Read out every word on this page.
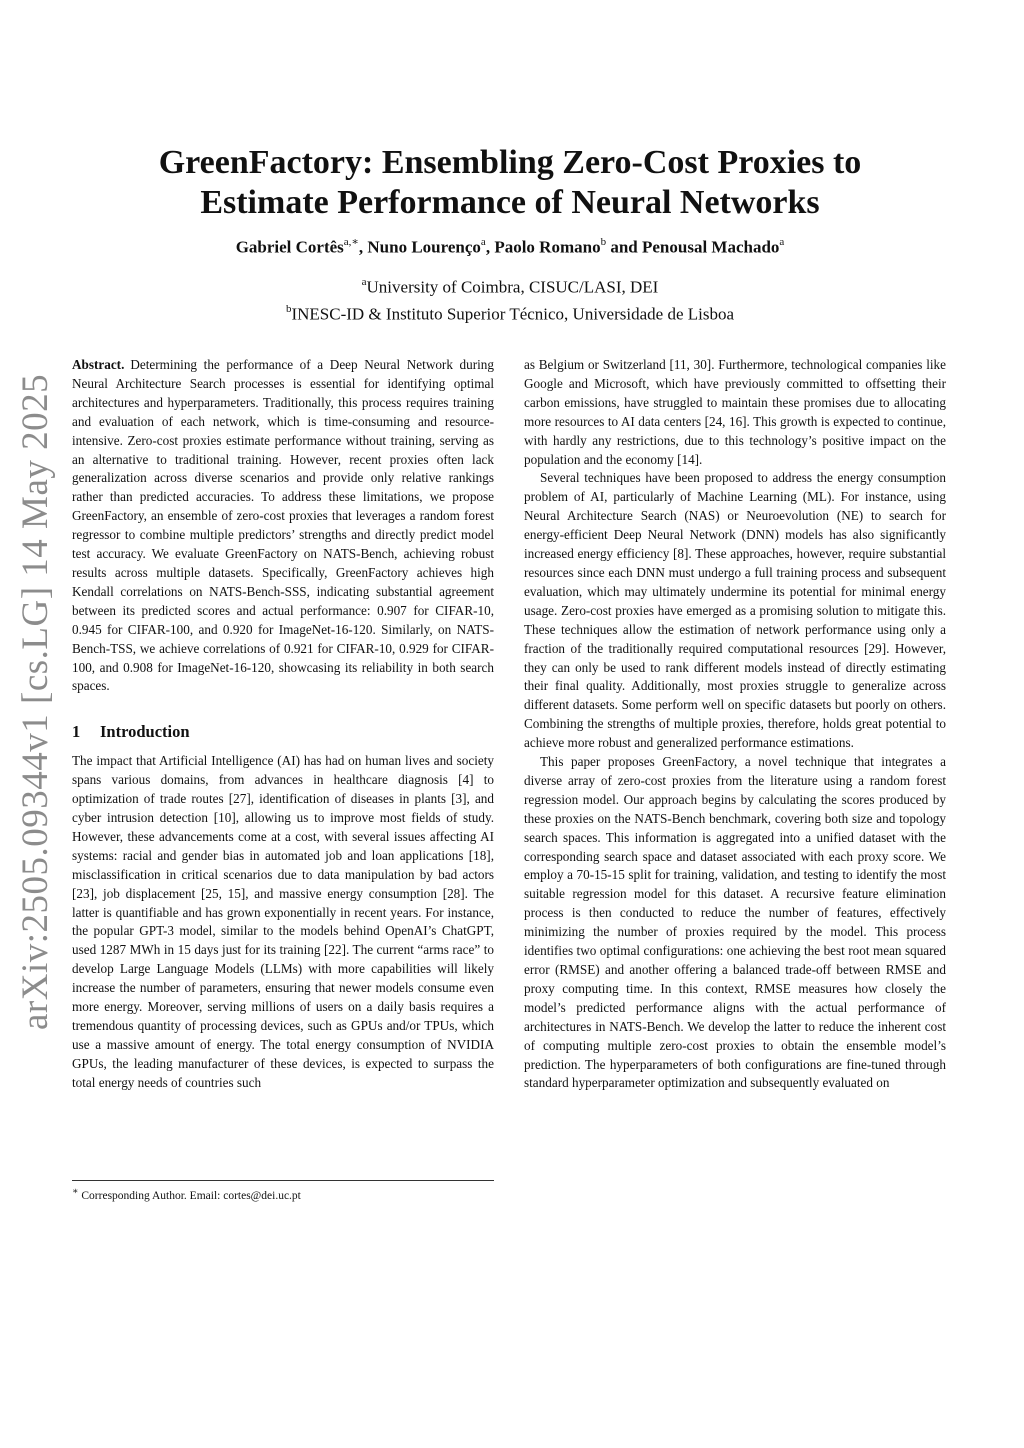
arXiv:2505.09344v1 [cs.LG] 14 May 2025
GreenFactory: Ensembling Zero-Cost Proxies to
Estimate Performance of Neural Networks
Gabriel Cortês$^{a,∗}$, Nuno Lourenço$^a$, Paolo Romano$^b$ and Penousal Machado$^a$
$^a$University of Coimbra, CISUC/LASI, DEI
$^b$INESC-ID & Instituto Superior Técnico, Universidade de Lisboa

Abstract. Determining the performance of a Deep Neural Network during Neural Architecture Search processes is essential for identifying optimal architectures and hyperparameters. Traditionally, this process requires training and evaluation of each network, which is time-consuming and resource-intensive. Zero-cost proxies estimate performance without training, serving as an alternative to traditional training. However, recent proxies often lack generalization across diverse scenarios and provide only relative rankings rather than predicted accuracies. To address these limitations, we propose GreenFactory, an ensemble of zero-cost proxies that leverages a random forest regressor to combine multiple predictors’ strengths and directly predict model test accuracy. We evaluate GreenFactory on NATS-Bench, achieving robust results across multiple datasets. Specifically, GreenFactory achieves high Kendall correlations on NATS-Bench-SSS, indicating substantial agreement between its predicted scores and actual performance: 0.907 for CIFAR-10, 0.945 for CIFAR-100, and 0.920 for ImageNet-16-120. Similarly, on NATS-Bench-TSS, we achieve correlations of 0.921 for CIFAR-10, 0.929 for CIFAR-100, and 0.908 for ImageNet-16-120, showcasing its reliability in both search spaces.

1 Introduction

The impact that Artificial Intelligence (AI) has had on human lives and society spans various domains, from advances in healthcare diagnosis [4] to optimization of trade routes [27], identification of diseases in plants [3], and cyber intrusion detection [10], allowing us to improve most fields of study. However, these advancements come at a cost, with several issues affecting AI systems: racial and gender bias in automated job and loan applications [18], misclassification in critical scenarios due to data manipulation by bad actors [23], job displacement [25, 15], and massive energy consumption [28]. The latter is quantifiable and has grown exponentially in recent years. For instance, the popular GPT-3 model, similar to the models behind OpenAI’s ChatGPT, used 1287 MWh in 15 days just for its training [22]. The current “arms race” to develop Large Language Models (LLMs) with more capabilities will likely increase the number of parameters, ensuring that newer models consume even more energy. Moreover, serving millions of users on a daily basis requires a tremendous quantity of processing devices, such as GPUs and/or TPUs, which use a massive amount of energy. The total energy consumption of NVIDIA GPUs, the leading manufacturer of these devices, is expected to surpass the total energy needs of countries such

∗ Corresponding Author. Email: cortes@dei.uc.pt

as Belgium or Switzerland [11, 30]. Furthermore, technological companies like Google and Microsoft, which have previously committed to offsetting their carbon emissions, have struggled to maintain these promises due to allocating more resources to AI data centers [24, 16]. This growth is expected to continue, with hardly any restrictions, due to this technology’s positive impact on the population and the economy [14].

Several techniques have been proposed to address the energy consumption problem of AI, particularly of Machine Learning (ML). For instance, using Neural Architecture Search (NAS) or Neuroevolution (NE) to search for energy-efficient Deep Neural Network (DNN) models has also significantly increased energy efficiency [8]. These approaches, however, require substantial resources since each DNN must undergo a full training process and subsequent evaluation, which may ultimately undermine its potential for minimal energy usage. Zero-cost proxies have emerged as a promising solution to mitigate this. These techniques allow the estimation of network performance using only a fraction of the traditionally required computational resources [29]. However, they can only be used to rank different models instead of directly estimating their final quality. Additionally, most proxies struggle to generalize across different datasets. Some perform well on specific datasets but poorly on others. Combining the strengths of multiple proxies, therefore, holds great potential to achieve more robust and generalized performance estimations.

This paper proposes GreenFactory, a novel technique that integrates a diverse array of zero-cost proxies from the literature using a random forest regression model. Our approach begins by calculating the scores produced by these proxies on the NATS-Bench benchmark, covering both size and topology search spaces. This information is aggregated into a unified dataset with the corresponding search space and dataset associated with each proxy score. We employ a 70-15-15 split for training, validation, and testing to identify the most suitable regression model for this dataset. A recursive feature elimination process is then conducted to reduce the number of features, effectively minimizing the number of proxies required by the model. This process identifies two optimal configurations: one achieving the best root mean squared error (RMSE) and another offering a balanced trade-off between RMSE and proxy computing time. In this context, RMSE measures how closely the model’s predicted performance aligns with the actual performance of architectures in NATS-Bench. We develop the latter to reduce the inherent cost of computing multiple zero-cost proxies to obtain the ensemble model’s prediction. The hyperparameters of both configurations are fine-tuned through standard hyperparameter optimization and subsequently evaluated on
